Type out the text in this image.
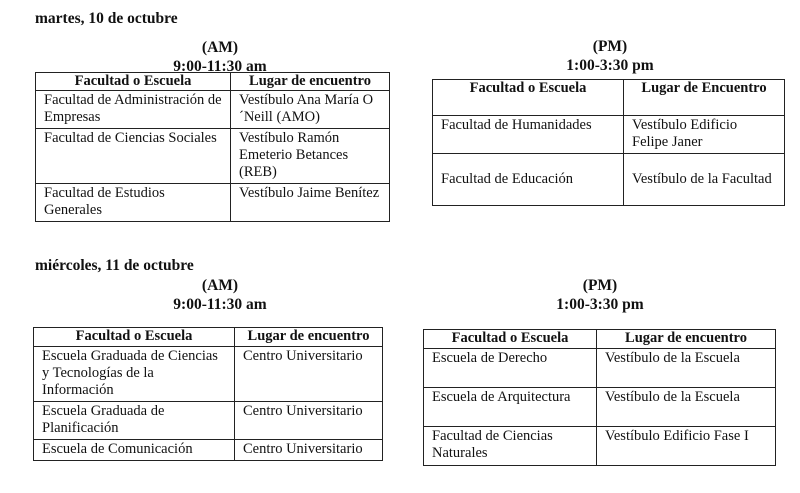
martes, 10 de octubre
(AM)
9:00-11:30 am
Facultad o Escuela	Lugar de encuentro
Facultad de Administración de Empresas	Vestíbulo Ana María O´Neill (AMO)
Facultad de Ciencias Sociales	Vestíbulo Ramón Emeterio Betances (REB)
Facultad de Estudios Generales	Vestíbulo Jaime Benítez
(PM)
1:00-3:30 pm
Facultad o Escuela	Lugar de Encuentro
Facultad de Humanidades	Vestíbulo Edificio Felipe Janer
Facultad de Educación	Vestíbulo de la Facultad
miércoles, 11 de octubre
(AM)
9:00-11:30 am
Facultad o Escuela	Lugar de encuentro
Escuela Graduada de Ciencias y Tecnologías de la Información	Centro Universitario
Escuela Graduada de Planificación	Centro Universitario
Escuela de Comunicación	Centro Universitario
(PM)
1:00-3:30 pm
Facultad o Escuela	Lugar de encuentro
Escuela de Derecho	Vestíbulo de la Escuela
Escuela de Arquitectura	Vestíbulo de la Escuela
Facultad de Ciencias Naturales	Vestíbulo Edificio Fase I
